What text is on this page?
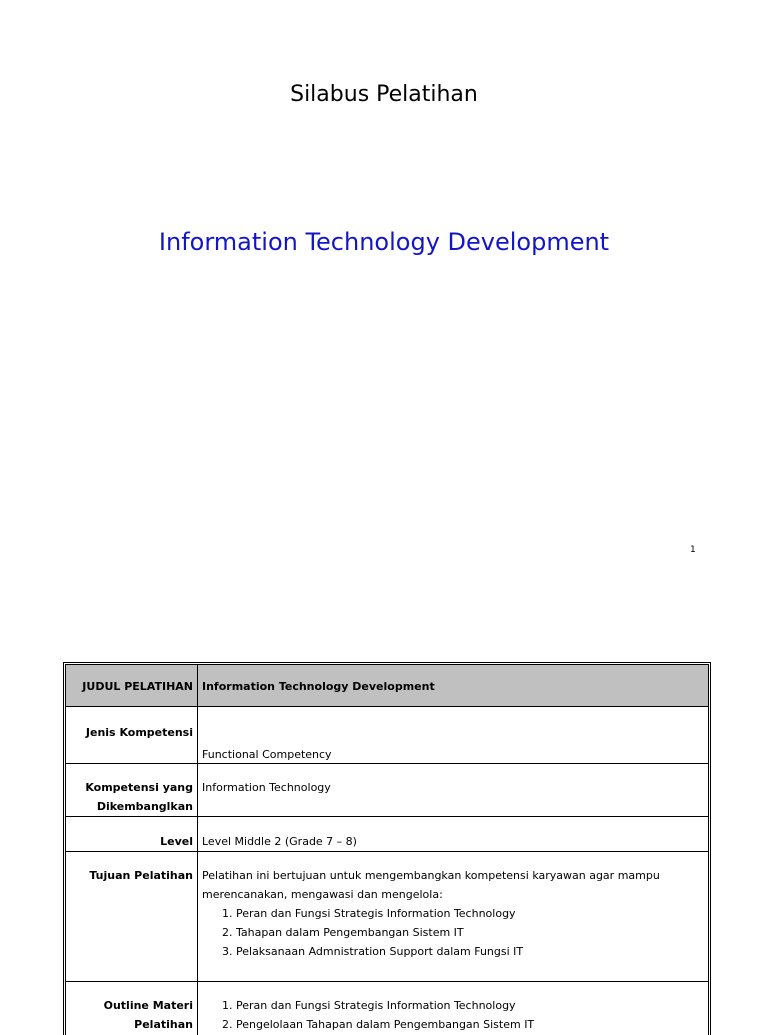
Silabus Pelatihan
Information Technology Development
1
JUDUL PELATIHAN Information Technology Development
Jenis Kompetensi
Functional Competency
Kompetensi yang
Dikembanglkan
Information Technology
Level Level Middle 2 (Grade 7 – 8)
Tujuan Pelatihan Pelatihan ini bertujuan untuk mengembangkan kompetensi karyawan agar mampu
merencanakan, mengawasi dan mengelola:
1. Peran dan Fungsi Strategis Information Technology
2. Tahapan dalam Pengembangan Sistem IT
3. Pelaksanaan Admnistration Support dalam Fungsi IT
Outline Materi
Pelatihan
1. Peran dan Fungsi Strategis Information Technology
2. Pengelolaan Tahapan dalam Pengembangan Sistem IT
